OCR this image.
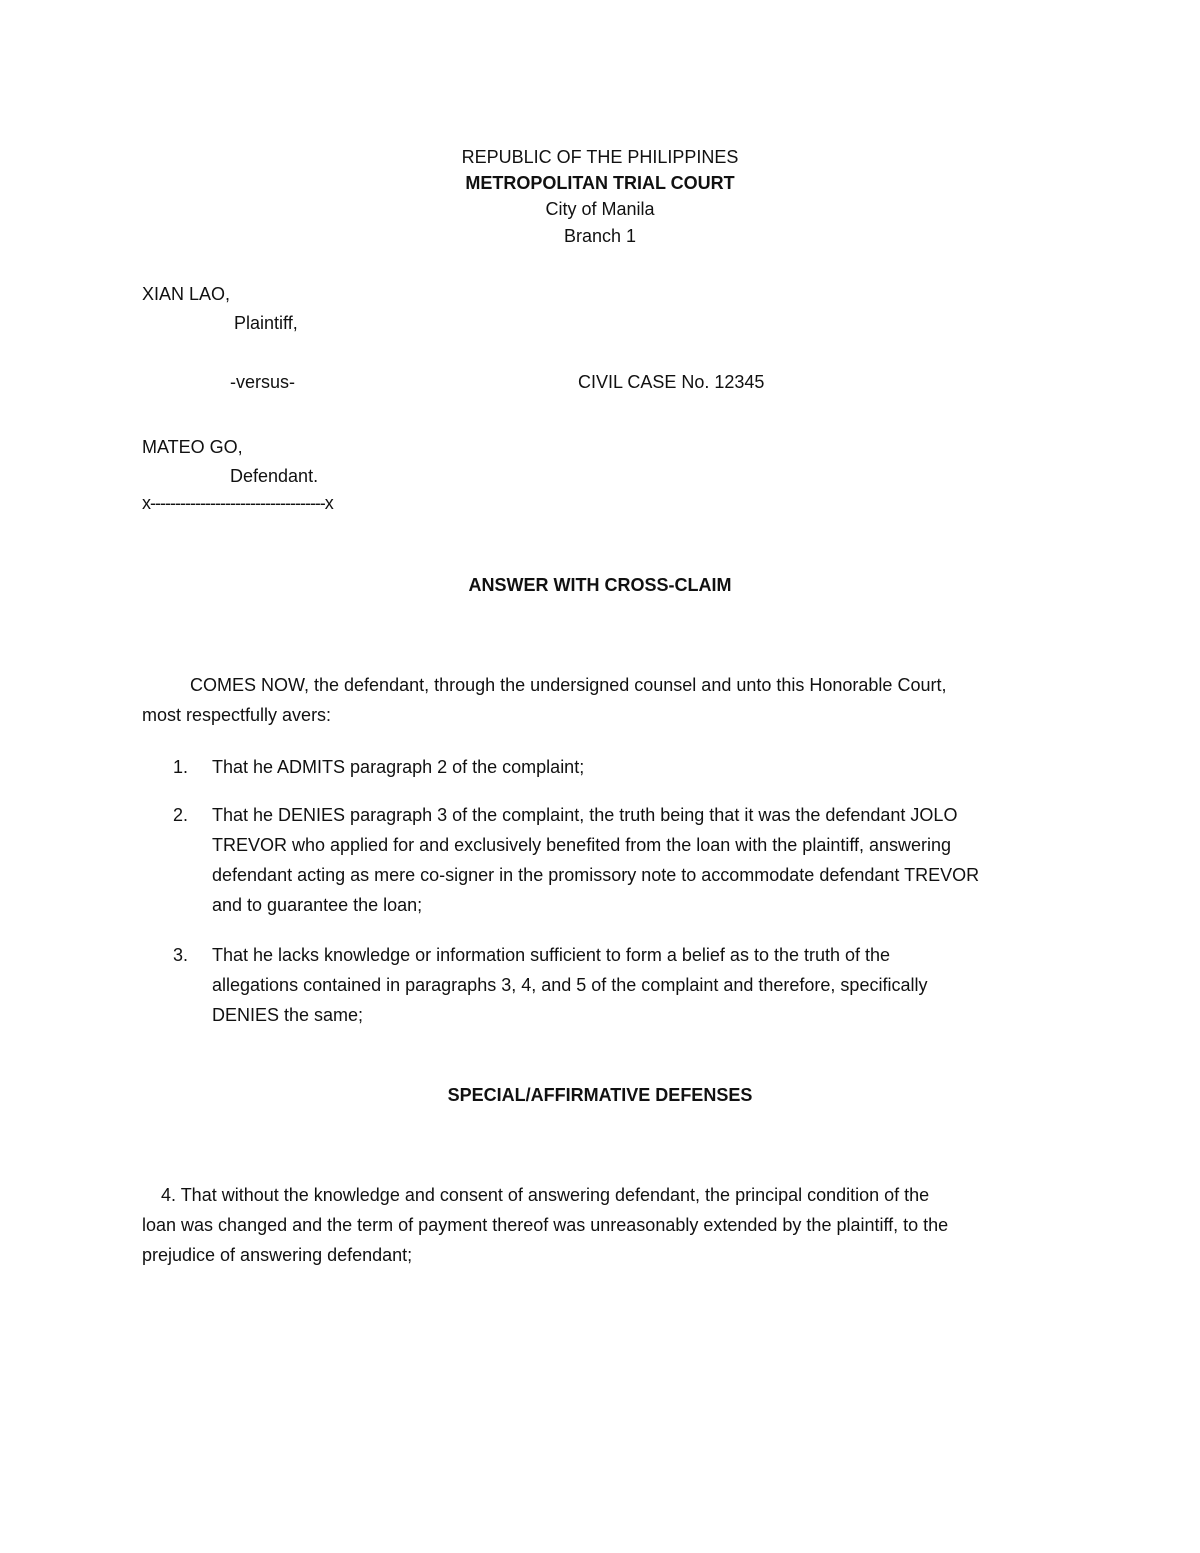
REPUBLIC OF THE PHILIPPINES
METROPOLITAN TRIAL COURT
City of Manila
Branch 1
XIAN LAO,
Plaintiff,
-versus-	CIVIL CASE No. 12345
MATEO GO,
Defendant.
x-----------------------------------x
ANSWER WITH CROSS-CLAIM
COMES NOW, the defendant, through the undersigned counsel and unto this Honorable Court,
most respectfully avers:
1. That he ADMITS paragraph 2 of the complaint;
2. That he DENIES paragraph 3 of the complaint, the truth being that it was the defendant JOLO
TREVOR who applied for and exclusively benefited from the loan with the plaintiff, answering
defendant acting as mere co-signer in the promissory note to accommodate defendant TREVOR
and to guarantee the loan;
3. That he lacks knowledge or information sufficient to form a belief as to the truth of the
allegations contained in paragraphs 3, 4, and 5 of the complaint and therefore, specifically
DENIES the same;
SPECIAL/AFFIRMATIVE DEFENSES
4. That without the knowledge and consent of answering defendant, the principal condition of the
loan was changed and the term of payment thereof was unreasonably extended by the plaintiff, to the
prejudice of answering defendant;
